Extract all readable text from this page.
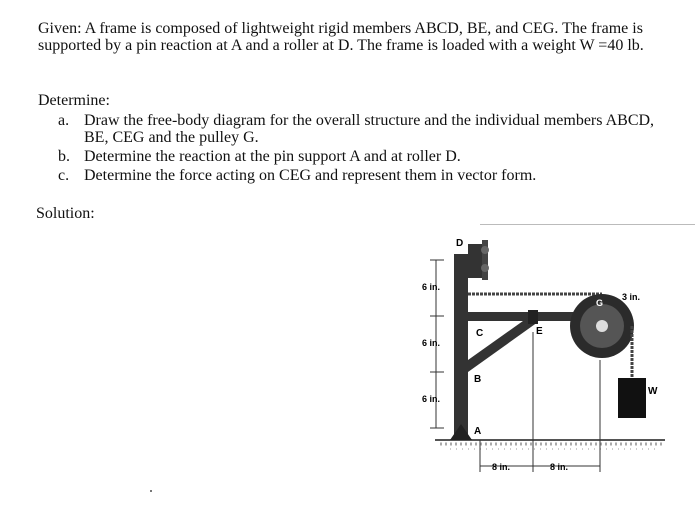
Given: A frame is composed of lightweight rigid members ABCD, BE, and CEG. The frame is supported by a pin reaction at A and a roller at D. The frame is loaded with a weight W =40 lb.
Determine:
a. Draw the free-body diagram for the overall structure and the individual members ABCD, BE, CEG and the pulley G.
b. Determine the reaction at the pin support A and at roller D.
c. Determine the force acting on CEG and represent them in vector form.
Solution:
D
C
B
A
E
G
W
6 in.
6 in.
6 in.
8 in.	8 in.
3 in.
